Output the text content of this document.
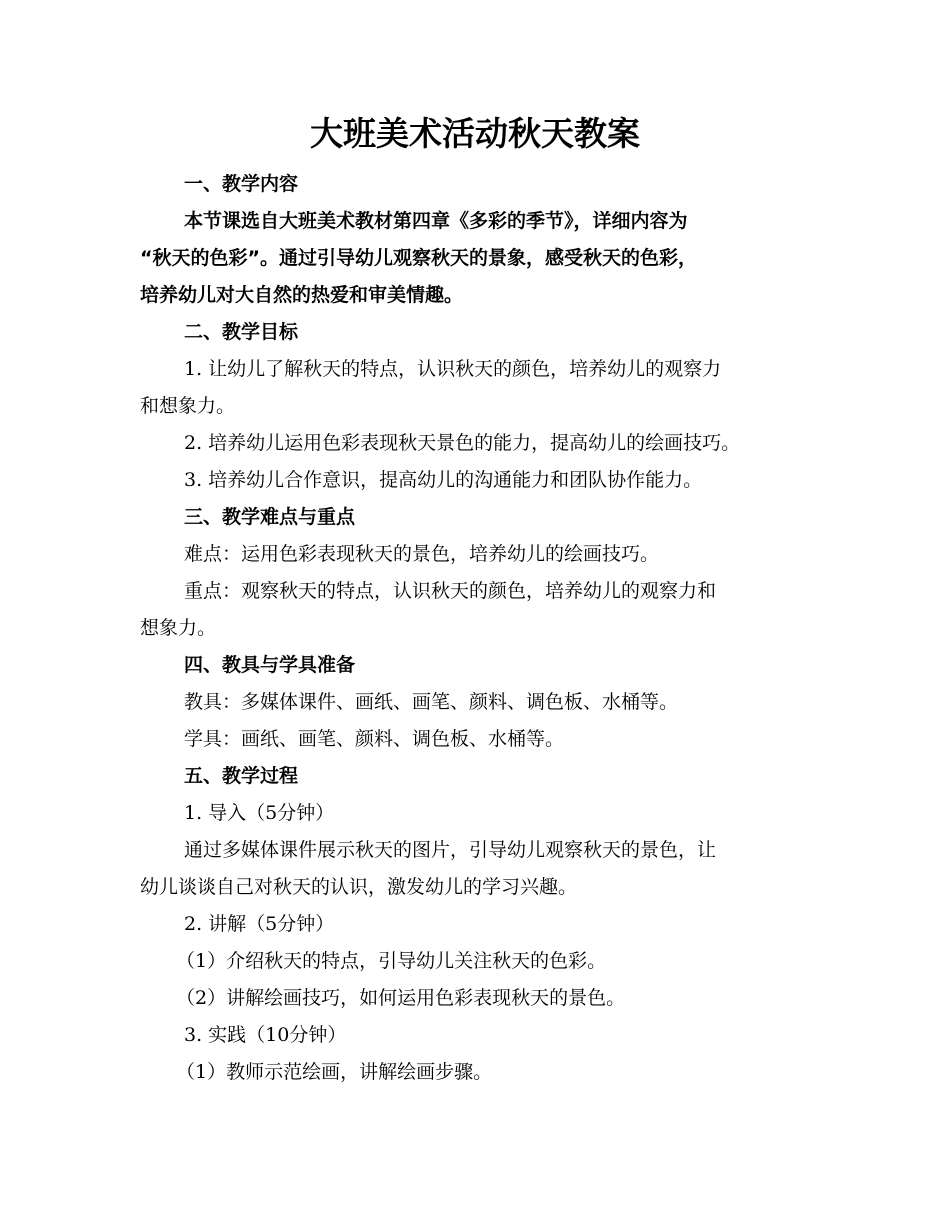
大班美术活动秋天教案
一、教学内容
本节课选自大班美术教材第四章《多彩的季节》，详细内容为
“秋天的色彩”。通过引导幼儿观察秋天的景象，感受秋天的色彩，
培养幼儿对大自然的热爱和审美情趣。
二、教学目标
1. 让幼儿了解秋天的特点，认识秋天的颜色，培养幼儿的观察力
和想象力。
2. 培养幼儿运用色彩表现秋天景色的能力，提高幼儿的绘画技巧。
3. 培养幼儿合作意识，提高幼儿的沟通能力和团队协作能力。
三、教学难点与重点
难点：运用色彩表现秋天的景色，培养幼儿的绘画技巧。
重点：观察秋天的特点，认识秋天的颜色，培养幼儿的观察力和
想象力。
四、教具与学具准备
教具：多媒体课件、画纸、画笔、颜料、调色板、水桶等。
学具：画纸、画笔、颜料、调色板、水桶等。
五、教学过程
1. 导入（5分钟）
通过多媒体课件展示秋天的图片，引导幼儿观察秋天的景色，让
幼儿谈谈自己对秋天的认识，激发幼儿的学习兴趣。
2. 讲解（5分钟）
（1）介绍秋天的特点，引导幼儿关注秋天的色彩。
（2）讲解绘画技巧，如何运用色彩表现秋天的景色。
3. 实践（10分钟）
（1）教师示范绘画，讲解绘画步骤。
